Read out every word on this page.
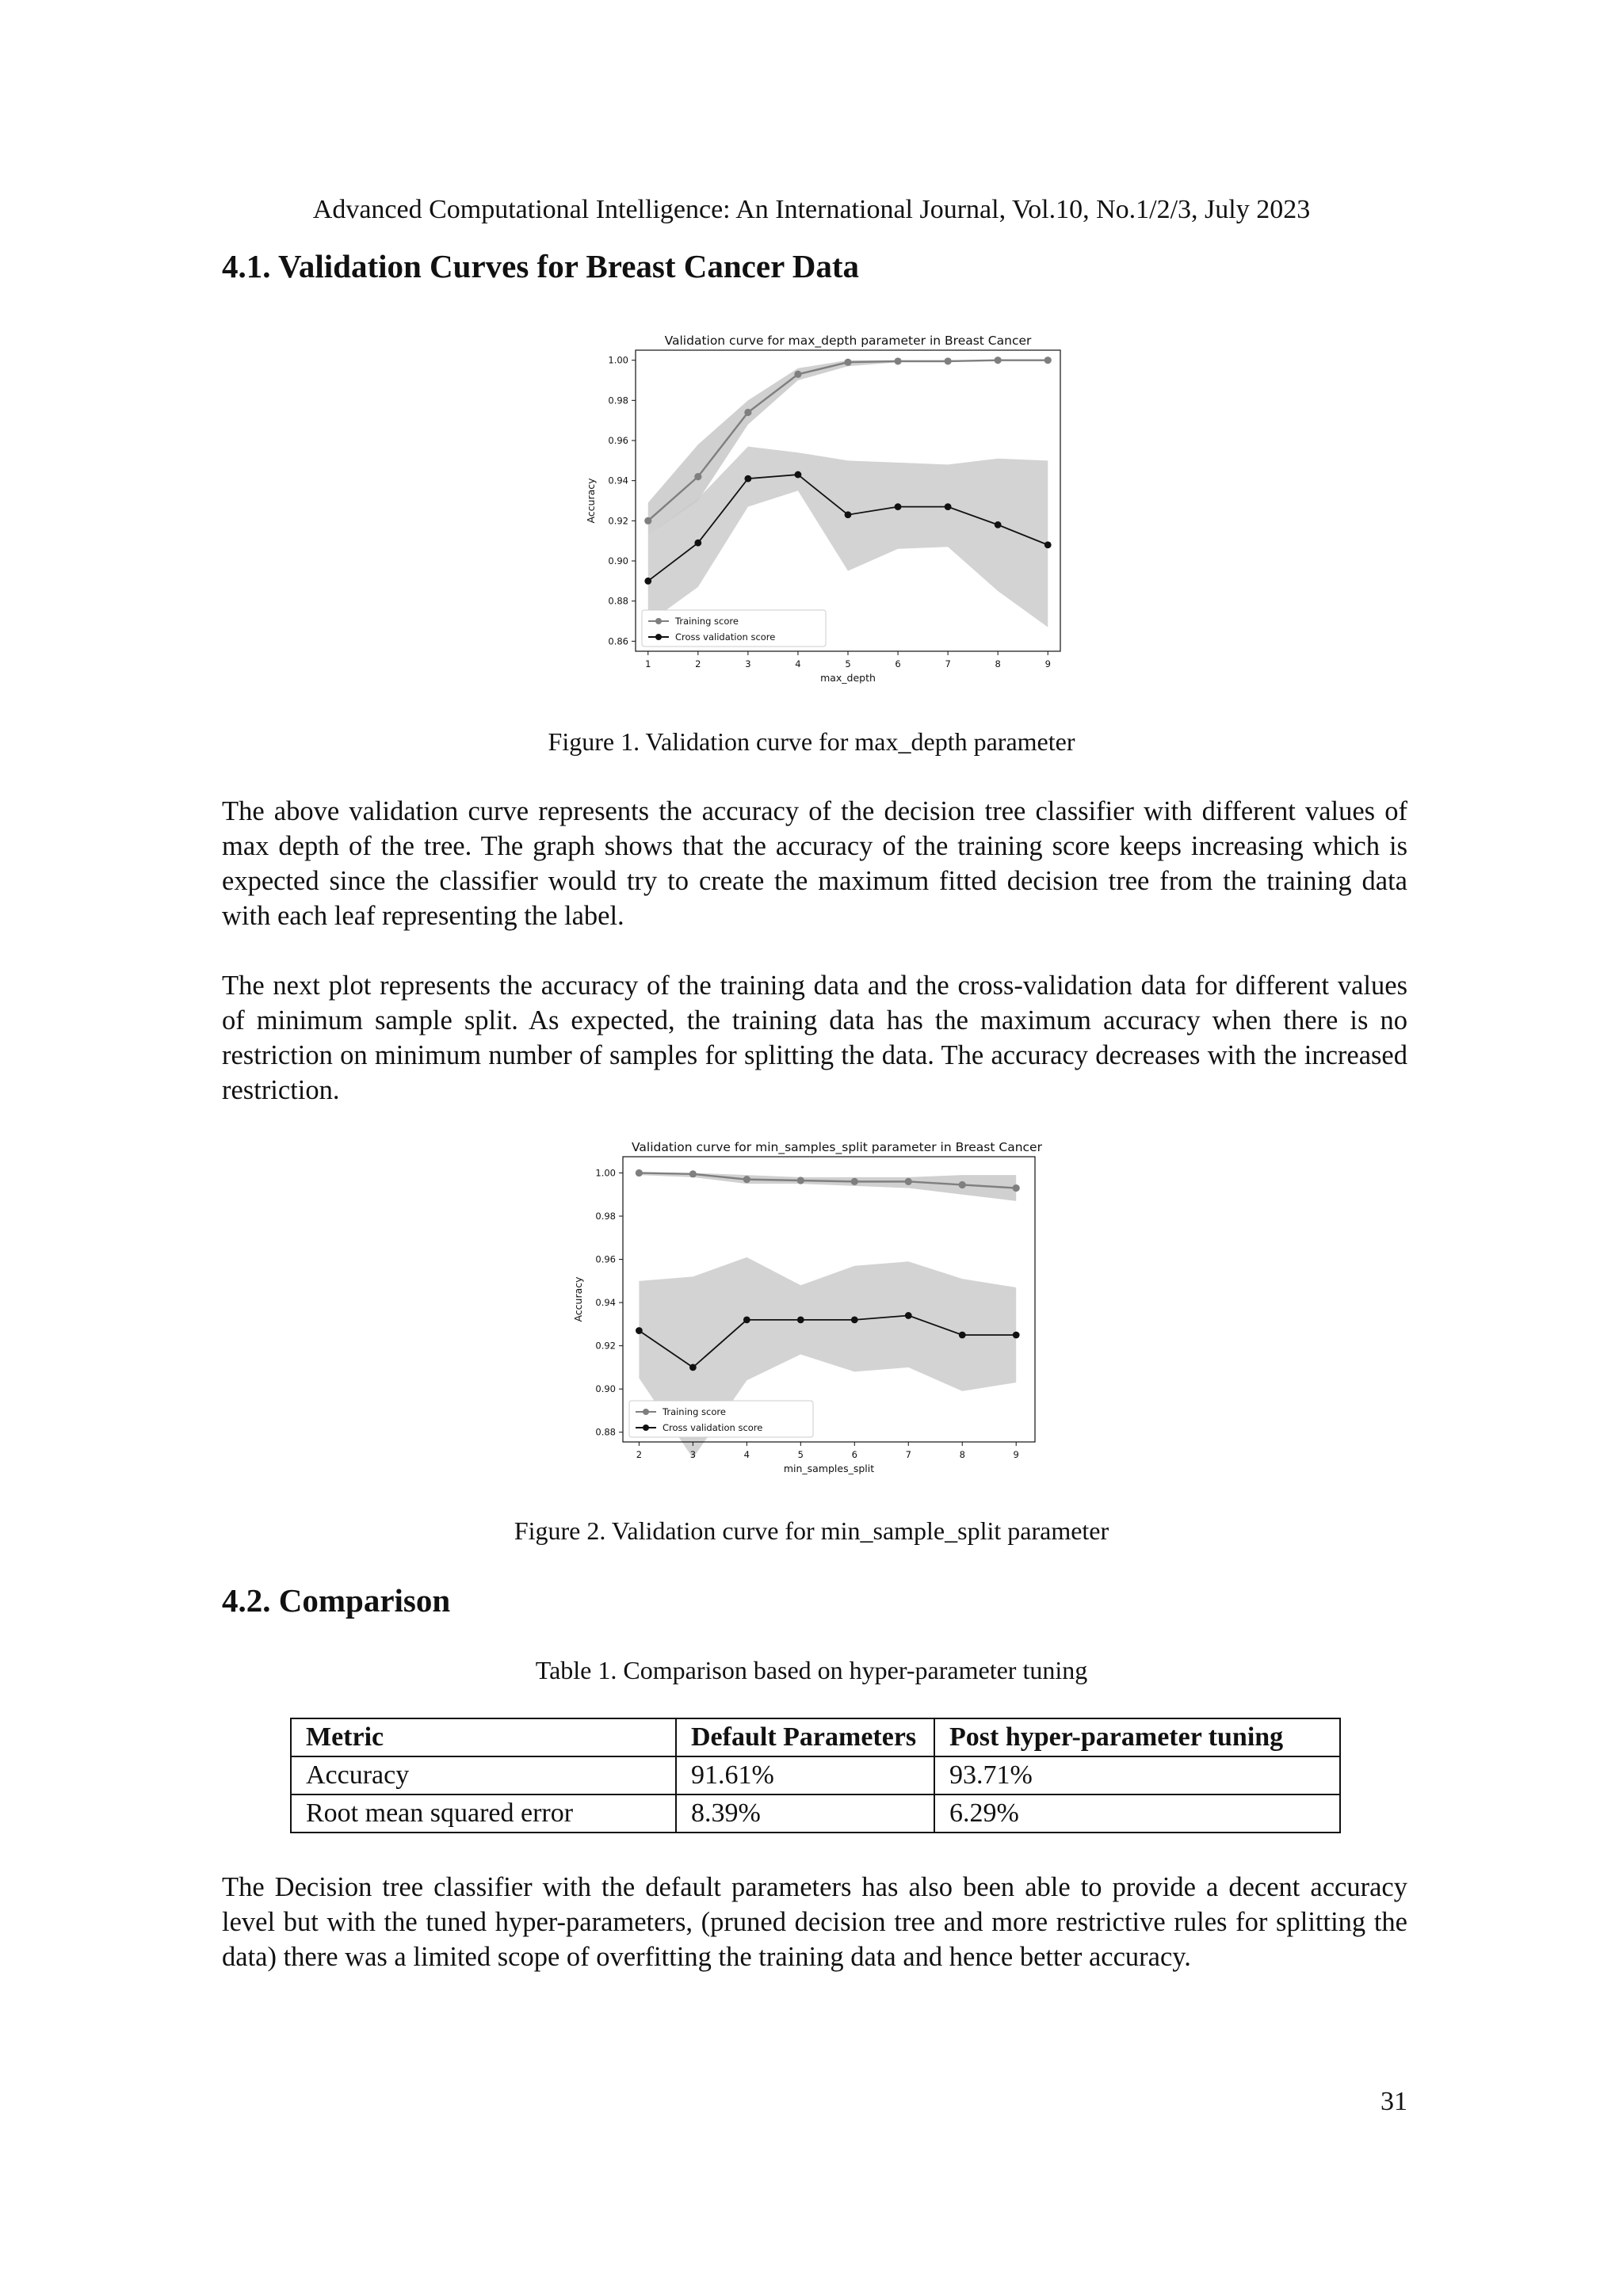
Advanced Computational Intelligence: An International Journal, Vol.10, No.1/2/3, July 2023
4.1. Validation Curves for Breast Cancer Data
Validation curve for max_depth parameter in Breast Cancer
0.86
0.88
0.90
0.92
0.94
0.96
0.98
1.00
1	2	3	4	5	6	7	8	9
max_depth
Accuracy
Training score
Cross validation score
Figure 1. Validation curve for max_depth parameter

The above validation curve represents the accuracy of the decision tree classifier with different values of max depth of the tree. The graph shows that the accuracy of the training score keeps increasing which is expected since the classifier would try to create the maximum fitted decision tree from the training data with each leaf representing the label.

The next plot represents the accuracy of the training data and the cross-validation data for different values of minimum sample split. As expected, the training data has the maximum accuracy when there is no restriction on minimum number of samples for splitting the data. The accuracy decreases with the increased restriction.

Validation curve for min_samples_split parameter in Breast Cancer
0.88
0.90
0.92
0.94
0.96
0.98
1.00
2	3	4	5	6	7	8	9
min_samples_split
Accuracy
Training score
Cross validation score
Figure 2. Validation curve for min_sample_split parameter
4.2. Comparison
Table 1. Comparison based on hyper-parameter tuning
Metric	Default Parameters	Post hyper-parameter tuning
Accuracy	91.61%	93.71%
Root mean squared error	8.39%	6.29%

The Decision tree classifier with the default parameters has also been able to provide a decent accuracy level but with the tuned hyper-parameters, (pruned decision tree and more restrictive rules for splitting the data) there was a limited scope of overfitting the training data and hence better accuracy.

31
